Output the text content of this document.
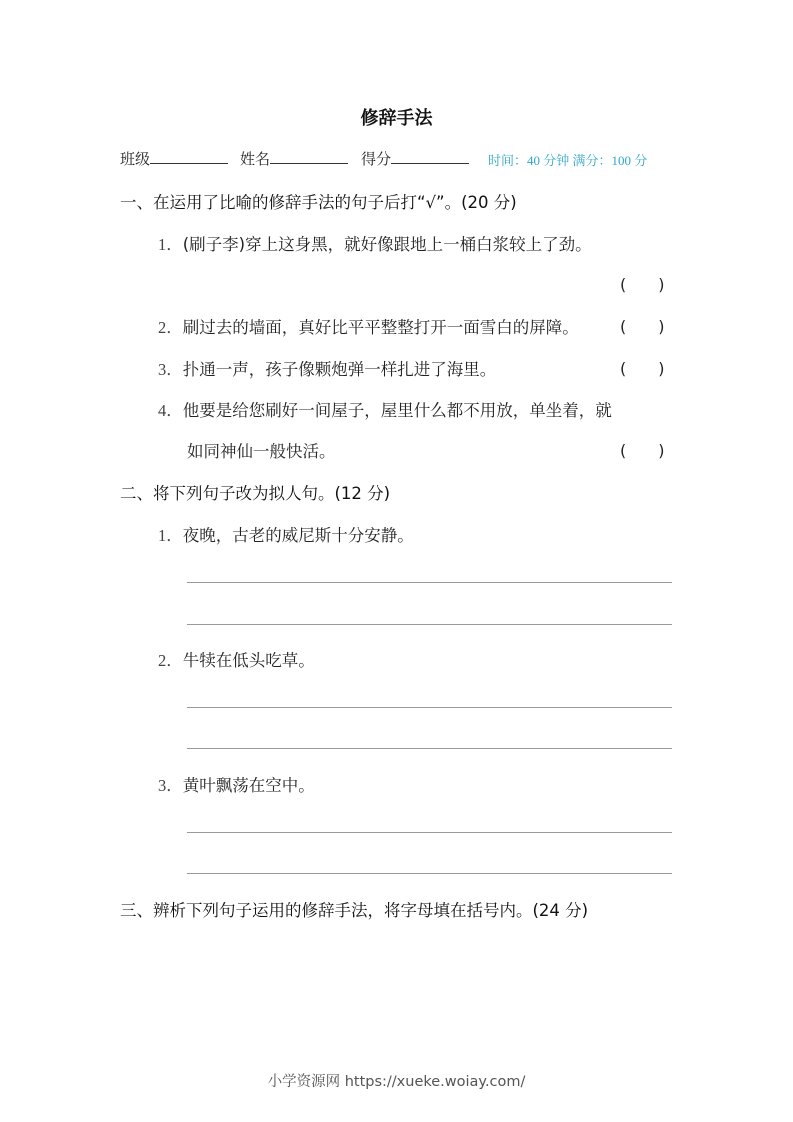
修辞手法
班级	姓名	得分	时间：40 分钟 满分：100 分
一、在运用了比喻的修辞手法的句子后打“√”。(20 分)
1．(刷子李)穿上这身黑，就好像跟地上一桶白浆较上了劲。
(　　)
2．刷过去的墙面，真好比平平整整打开一面雪白的屏障。	(　　)
3．扑通一声，孩子像颗炮弹一样扎进了海里。	(　　)
4．他要是给您刷好一间屋子，屋里什么都不用放，单坐着，就
如同神仙一般快活。	(　　)
二、将下列句子改为拟人句。(12 分)
1．夜晚，古老的威尼斯十分安静。
2．牛犊在低头吃草。
3．黄叶飘荡在空中。
三、辨析下列句子运用的修辞手法，将字母填在括号内。(24 分)
小学资源网 https://xueke.woiay.com/
